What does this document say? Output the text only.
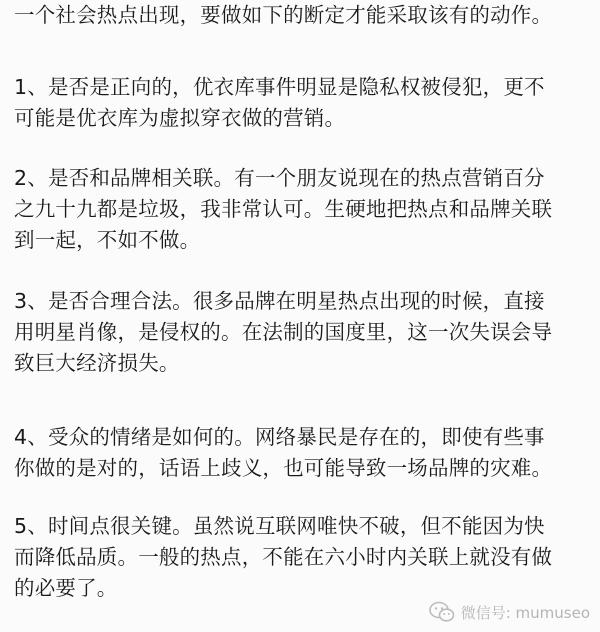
一个社会热点出现，要做如下的断定才能采取该有的动作。

1、是否是正向的，优衣库事件明显是隐私权被侵犯，更不
可能是优衣库为虚拟穿衣做的营销。

2、是否和品牌相关联。有一个朋友说现在的热点营销百分
之九十九都是垃圾，我非常认可。生硬地把热点和品牌关联
到一起，不如不做。

3、是否合理合法。很多品牌在明星热点出现的时候，直接
用明星肖像，是侵权的。在法制的国度里，这一次失误会导
致巨大经济损失。

4、受众的情绪是如何的。网络暴民是存在的，即使有些事
你做的是对的，话语上歧义，也可能导致一场品牌的灾难。

5、时间点很关键。虽然说互联网唯快不破，但不能因为快
而降低品质。一般的热点，不能在六小时内关联上就没有做
的必要了。

微信号: mumuseo
